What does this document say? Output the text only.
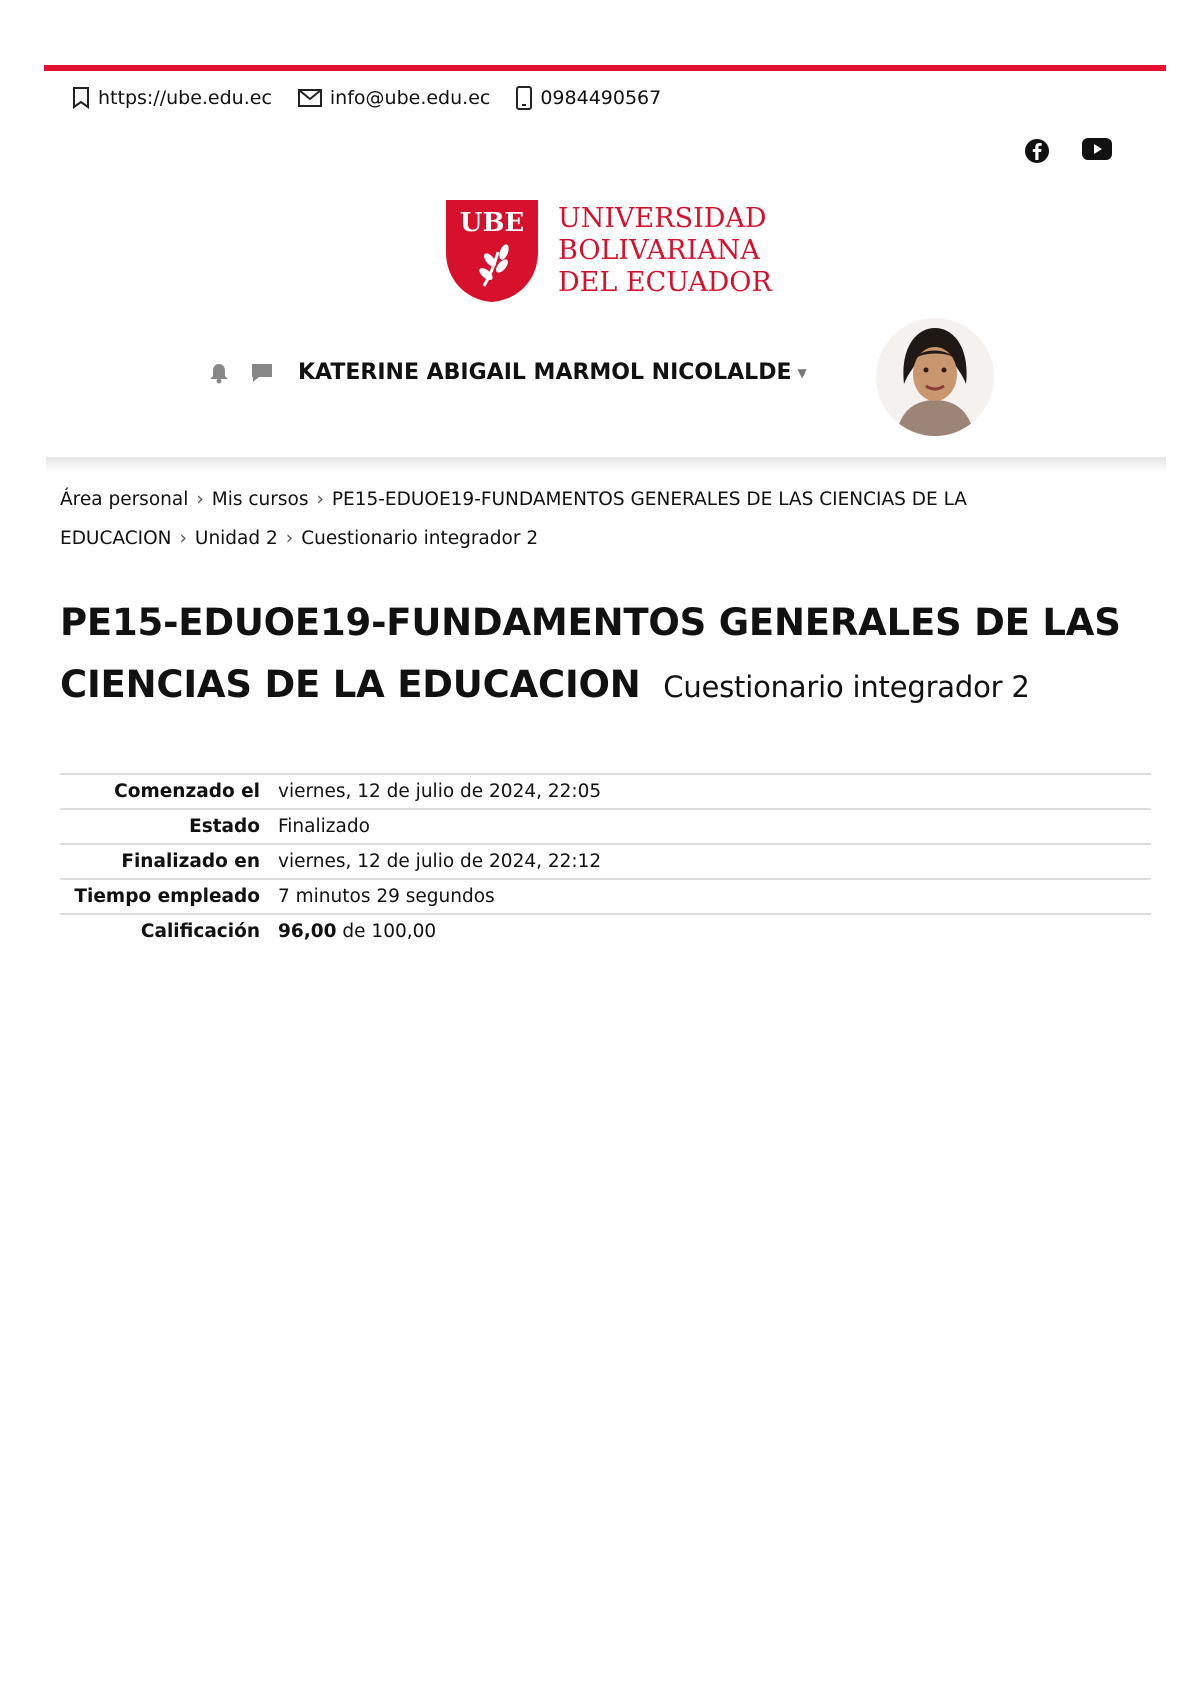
https://ube.edu.ec	info@ube.edu.ec	0984490567
UBE UNIVERSIDAD
BOLIVARIANA
DEL ECUADOR
KATERINE ABIGAIL MARMOL NICOLALDE ▼
Área personal › Mis cursos › PE15-EDUOE19-FUNDAMENTOS GENERALES DE LAS CIENCIAS DE LA EDUCACION › Unidad 2 › Cuestionario integrador 2
PE15-EDUOE19-FUNDAMENTOS GENERALES DE LAS CIENCIAS DE LA EDUCACION Cuestionario integrador 2
Comenzado el	viernes, 12 de julio de 2024, 22:05
Estado	Finalizado
Finalizado en	viernes, 12 de julio de 2024, 22:12
Tiempo empleado	7 minutos 29 segundos
Calificación	96,00 de 100,00
